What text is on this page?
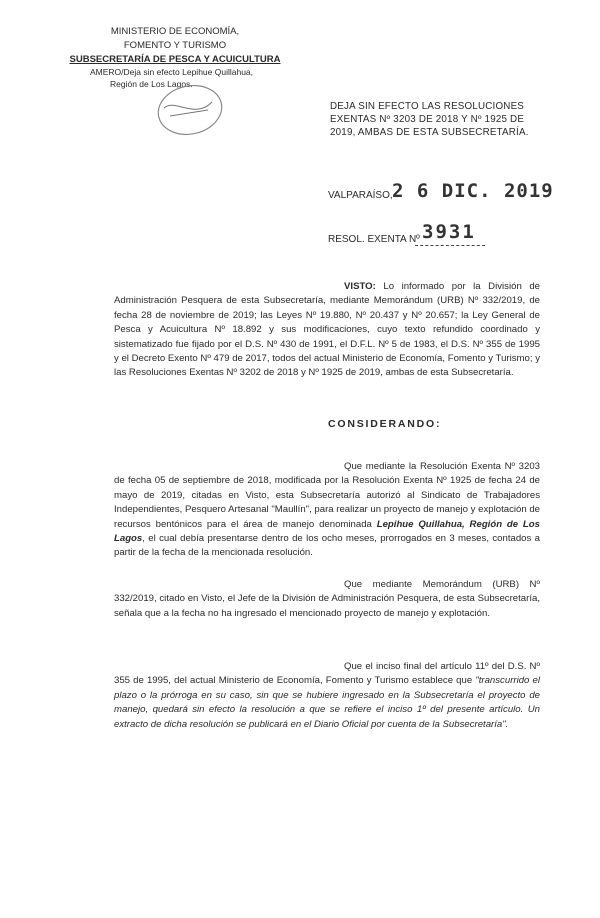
MINISTERIO DE ECONOMÍA,
FOMENTO Y TURISMO
SUBSECRETARÍA DE PESCA Y ACUICULTURA
AMERO/Deja sin efecto Lepihue Quillahua,
Región de Los Lagos.
DEJA SIN EFECTO LAS RESOLUCIONES EXENTAS Nº 3203 DE 2018 Y Nº 1925 DE 2019, AMBAS DE ESTA SUBSECRETARÍA.
VALPARAÍSO, 2 6 DIC. 2019
RESOL. EXENTA Nº 3931
VISTO: Lo informado por la División de Administración Pesquera de esta Subsecretaría, mediante Memorándum (URB) Nº 332/2019, de fecha 28 de noviembre de 2019; las Leyes Nº 19.880, Nº 20.437 y Nº 20.657; la Ley General de Pesca y Acuicultura Nº 18.892 y sus modificaciones, cuyo texto refundido coordinado y sistematizado fue fijado por el D.S. Nº 430 de 1991, el D.F.L. Nº 5 de 1983, el D.S. Nº 355 de 1995 y el Decreto Exento Nº 479 de 2017, todos del actual Ministerio de Economía, Fomento y Turismo; y las Resoluciones Exentas Nº 3202 de 2018 y Nº 1925 de 2019, ambas de esta Subsecretaría.
CONSIDERANDO:
Que mediante la Resolución Exenta Nº 3203 de fecha 05 de septiembre de 2018, modificada por la Resolución Exenta Nº 1925 de fecha 24 de mayo de 2019, citadas en Visto, esta Subsecretaría autorizó al Sindicato de Trabajadores Independientes, Pesquero Artesanal "Maullín", para realizar un proyecto de manejo y explotación de recursos bentónicos para el área de manejo denominada Lepihue Quillahua, Región de Los Lagos, el cual debía presentarse dentro de los ocho meses, prorrogados en 3 meses, contados a partir de la fecha de la mencionada resolución.
Que mediante Memorándum (URB) Nº 332/2019, citado en Visto, el Jefe de la División de Administración Pesquera, de esta Subsecretaría, señala que a la fecha no ha ingresado el mencionado proyecto de manejo y explotación.
Que el inciso final del artículo 11º del D.S. Nº 355 de 1995, del actual Ministerio de Economía, Fomento y Turismo establece que "transcurrido el plazo o la prórroga en su caso, sin que se hubiere ingresado en la Subsecretaría el proyecto de manejo, quedará sin efecto la resolución a que se refiere el inciso 1º del presente artículo. Un extracto de dicha resolución se publicará en el Diario Oficial por cuenta de la Subsecretaría".
